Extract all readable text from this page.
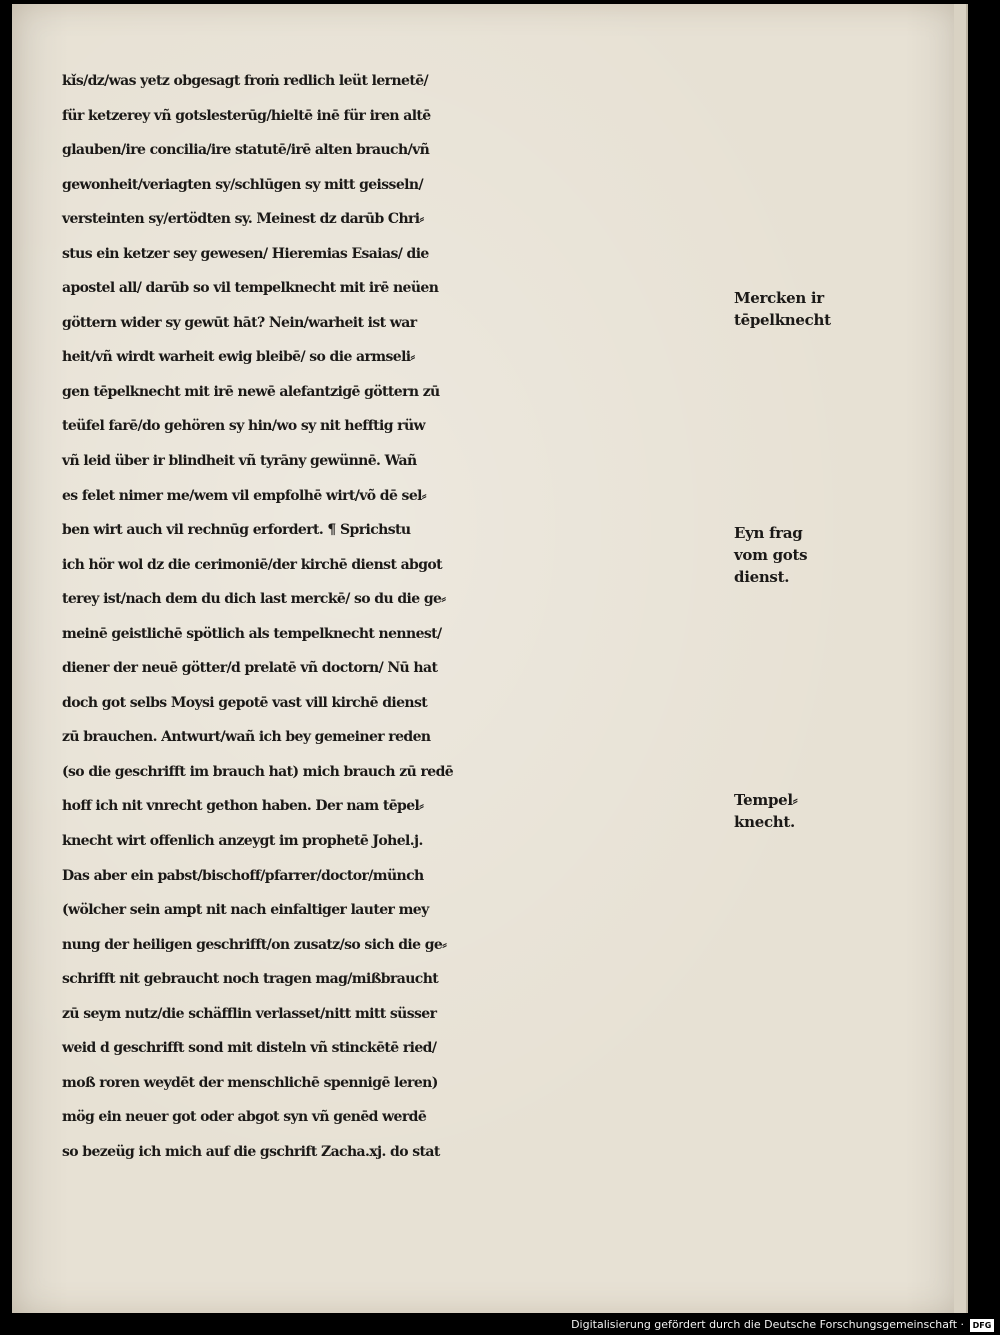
kǐs/dz/was yetz obgesagt froṁ redlich leüt lernetē/
für ketzerey vñ gotslesterūg/hieltē inē für iren altē
glauben/ire concilia/ire statutē/irē alten brauch/vñ
gewonheit/veriagten sy/schlūgen sy mitt geisseln/
versteinten sy/ertödten sy. Meinest dz darūb Chri⸗
stus ein ketzer sey gewesen/ Hieremias Esaias/ die
apostel all/ darūb so vil tempelknecht mit irē neüen
göttern wider sy gewūt hāt? Nein/warheit ist war
heit/vñ wirdt warheit ewig bleibē/ so die armseli⸗
gen tēpelknecht mit irē newē alefantzigē göttern zū
teüfel farē/do gehören sy hin/wo sy nit hefftig rüw
vñ leid über ir blindheit vñ tyrāny gewünnē. Wañ
es felet nimer me/wem vil empfolhē wirt/võ dē sel⸗
ben wirt auch vil rechnūg erfordert. ¶ Sprichstu
ich hör wol dz die cerimoniē/der kirchē dienst abgot
terey ist/nach dem du dich last merckē/ so du die ge⸗
meinē geistlichē spötlich als tempelknecht nennest/
diener der neuē götter/d prelatē vñ doctorn/ Nū hat
doch got selbs Moysi gepotē vast vill kirchē dienst
zū brauchen. Antwurt/wañ ich bey gemeiner reden
(so die geschrifft im brauch hat) mich brauch zū redē
hoff ich nit vnrecht gethon haben. Der nam tēpel⸗
knecht wirt offenlich anzeygt im prophetē Johel.j.
Das aber ein pabst/bischoff/pfarrer/doctor/münch
(wölcher sein ampt nit nach einfaltiger lauter mey
nung der heiligen geschrifft/on zusatz/so sich die ge⸗
schrifft nit gebraucht noch tragen mag/mißbraucht
zū seym nutz/die schäfflin verlasset/nitt mitt süsser
weid d geschrifft sond mit disteln vñ stinckētē ried/
moß roren weydēt der menschlichē spennigē leren)
mög ein neuer got oder abgot syn vñ genēd werdē
so bezeüg ich mich auf die gschrift Zacha.xj. do stat
Mercken ir
tēpelknecht
Eyn frag
vom gots
dienst.
Tempel⸗
knecht.
Digitalisierung gefördert durch die Deutsche Forschungsgemeinschaft ·	DFG
